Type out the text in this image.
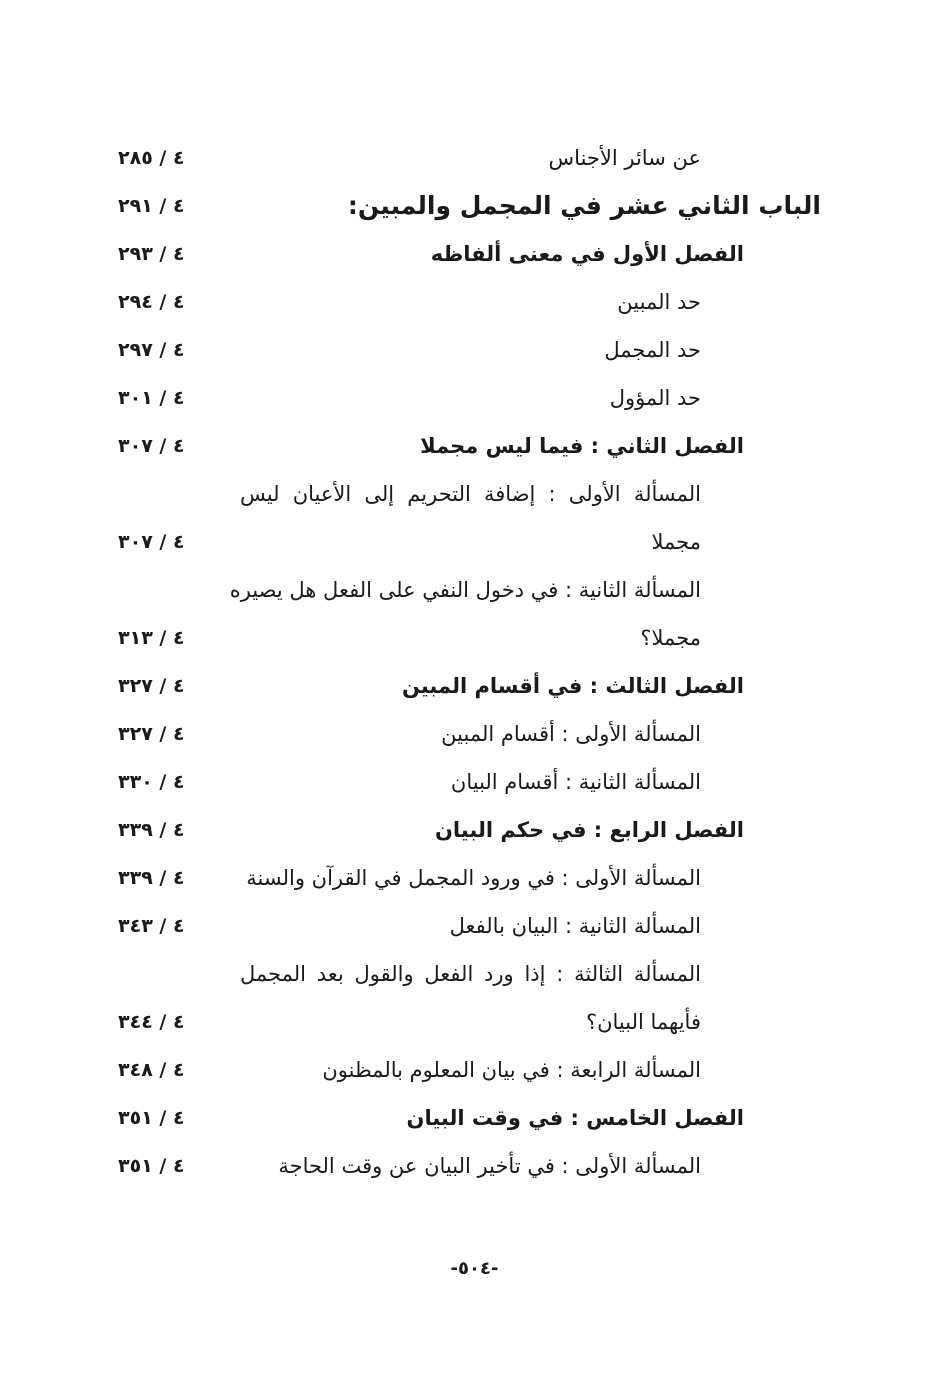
عن سائر الأجناس
٤ / ٢٨٥
الباب الثاني عشر في المجمل والمبين:
٤ / ٢٩١
الفصل الأول في معنى ألفاظه
٤ / ٢٩٣
حد المبين
٤ / ٢٩٤
حد المجمل
٤ / ٢٩٧
حد المؤول
٤ / ٣٠١
الفصل الثاني : فيما ليس مجملا
٤ / ٣٠٧
المسألة الأولى : إضافة التحريم إلى الأعيان ليس
مجملا
٤ / ٣٠٧
المسألة الثانية : في دخول النفي على الفعل هل يصيره
مجملا؟
٤ / ٣١٣
الفصل الثالث : في أقسام المبين
٤ / ٣٢٧
المسألة الأولى : أقسام المبين
٤ / ٣٢٧
المسألة الثانية : أقسام البيان
٤ / ٣٣٠
الفصل الرابع : في حكم البيان
٤ / ٣٣٩
المسألة الأولى : في ورود المجمل في القرآن والسنة
٤ / ٣٣٩
المسألة الثانية : البيان بالفعل
٤ / ٣٤٣
المسألة الثالثة : إذا ورد الفعل والقول بعد المجمل
فأيهما البيان؟
٤ / ٣٤٤
المسألة الرابعة : في بيان المعلوم بالمظنون
٤ / ٣٤٨
الفصل الخامس : في وقت البيان
٤ / ٣٥١
المسألة الأولى : في تأخير البيان عن وقت الحاجة
٤ / ٣٥١
-٥٠٤-
